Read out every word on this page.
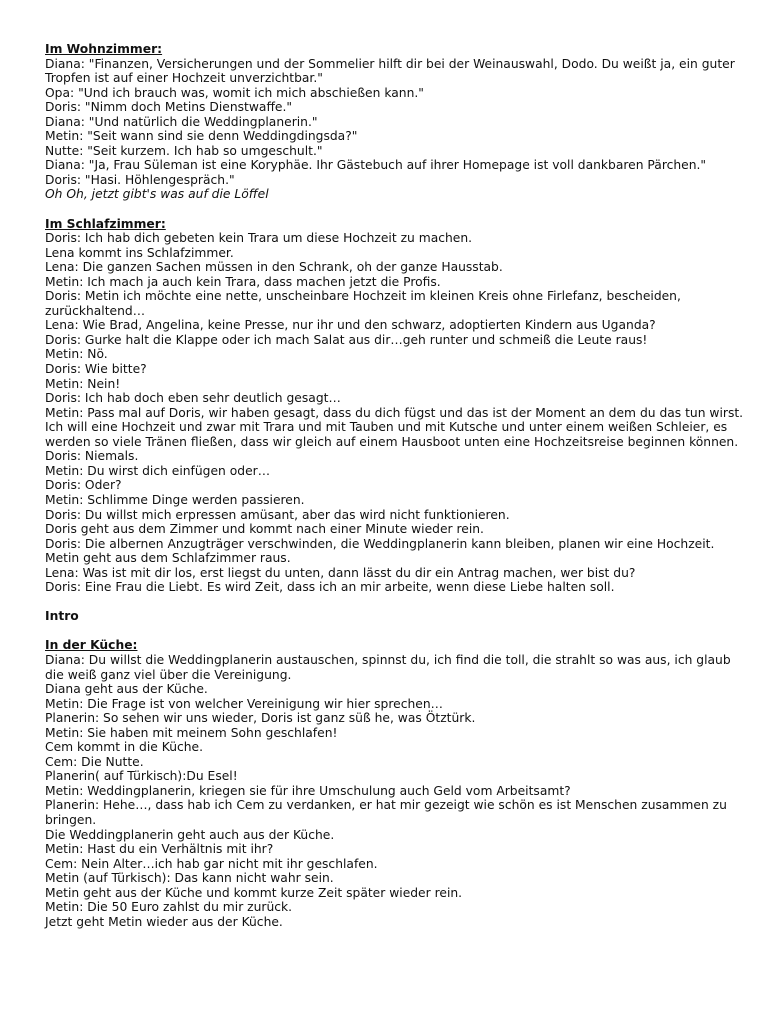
Im Wohnzimmer:
Diana: "Finanzen, Versicherungen und der Sommelier hilft dir bei der Weinauswahl, Dodo. Du weißt ja, ein guter Tropfen ist auf einer Hochzeit unverzichtbar."
Opa: "Und ich brauch was, womit ich mich abschießen kann."
Doris: "Nimm doch Metins Dienstwaffe."
Diana: "Und natürlich die Weddingplanerin."
Metin: "Seit wann sind sie denn Weddingdingsda?"
Nutte: "Seit kurzem. Ich hab so umgeschult."
Diana: "Ja, Frau Süleman ist eine Koryphäe. Ihr Gästebuch auf ihrer Homepage ist voll dankbaren Pärchen."
Doris: "Hasi. Höhlengespräch."
Oh Oh, jetzt gibt's was auf die Löffel
Im Schlafzimmer:
Doris: Ich hab dich gebeten kein Trara um diese Hochzeit zu machen.
Lena kommt ins Schlafzimmer.
Lena: Die ganzen Sachen müssen in den Schrank, oh der ganze Hausstab.
Metin: Ich mach ja auch kein Trara, dass machen jetzt die Profis.
Doris: Metin ich möchte eine nette, unscheinbare Hochzeit im kleinen Kreis ohne Firlefanz, bescheiden, zurückhaltend…
Lena: Wie Brad, Angelina, keine Presse, nur ihr und den schwarz, adoptierten Kindern aus Uganda?
Doris: Gurke halt die Klappe oder ich mach Salat aus dir…geh runter und schmeiß die Leute raus!
Metin: Nö.
Doris: Wie bitte?
Metin: Nein!
Doris: Ich hab doch eben sehr deutlich gesagt…
Metin: Pass mal auf Doris, wir haben gesagt, dass du dich fügst und das ist der Moment an dem du das tun wirst. Ich will eine Hochzeit und zwar mit Trara und mit Tauben und mit Kutsche und unter einem weißen Schleier, es werden so viele Tränen fließen, dass wir gleich auf einem Hausboot unten eine Hochzeitsreise beginnen können.
Doris: Niemals.
Metin: Du wirst dich einfügen oder…
Doris: Oder?
Metin: Schlimme Dinge werden passieren.
Doris: Du willst mich erpressen amüsant, aber das wird nicht funktionieren.
Doris geht aus dem Zimmer und kommt nach einer Minute wieder rein.
Doris: Die albernen Anzugträger verschwinden, die Weddingplanerin kann bleiben, planen wir eine Hochzeit.
Metin geht aus dem Schlafzimmer raus.
Lena: Was ist mit dir los, erst liegst du unten, dann lässt du dir ein Antrag machen, wer bist du?
Doris: Eine Frau die Liebt. Es wird Zeit, dass ich an mir arbeite, wenn diese Liebe halten soll.
Intro
In der Küche:
Diana: Du willst die Weddingplanerin austauschen, spinnst du, ich find die toll, die strahlt so was aus, ich glaub die weiß ganz viel über die Vereinigung.
Diana geht aus der Küche.
Metin: Die Frage ist von welcher Vereinigung wir hier sprechen…
Planerin: So sehen wir uns wieder, Doris ist ganz süß he, was Ötztürk.
Metin: Sie haben mit meinem Sohn geschlafen!
Cem kommt in die Küche.
Cem: Die Nutte.
Planerin( auf Türkisch):Du Esel!
Metin: Weddingplanerin, kriegen sie für ihre Umschulung auch Geld vom Arbeitsamt?
Planerin: Hehe…, dass hab ich Cem zu verdanken, er hat mir gezeigt wie schön es ist Menschen zusammen zu bringen.
Die Weddingplanerin geht auch aus der Küche.
Metin: Hast du ein Verhältnis mit ihr?
Cem: Nein Alter…ich hab gar nicht mit ihr geschlafen.
Metin (auf Türkisch): Das kann nicht wahr sein.
Metin geht aus der Küche und kommt kurze Zeit später wieder rein.
Metin: Die 50 Euro zahlst du mir zurück.
Jetzt geht Metin wieder aus der Küche.
